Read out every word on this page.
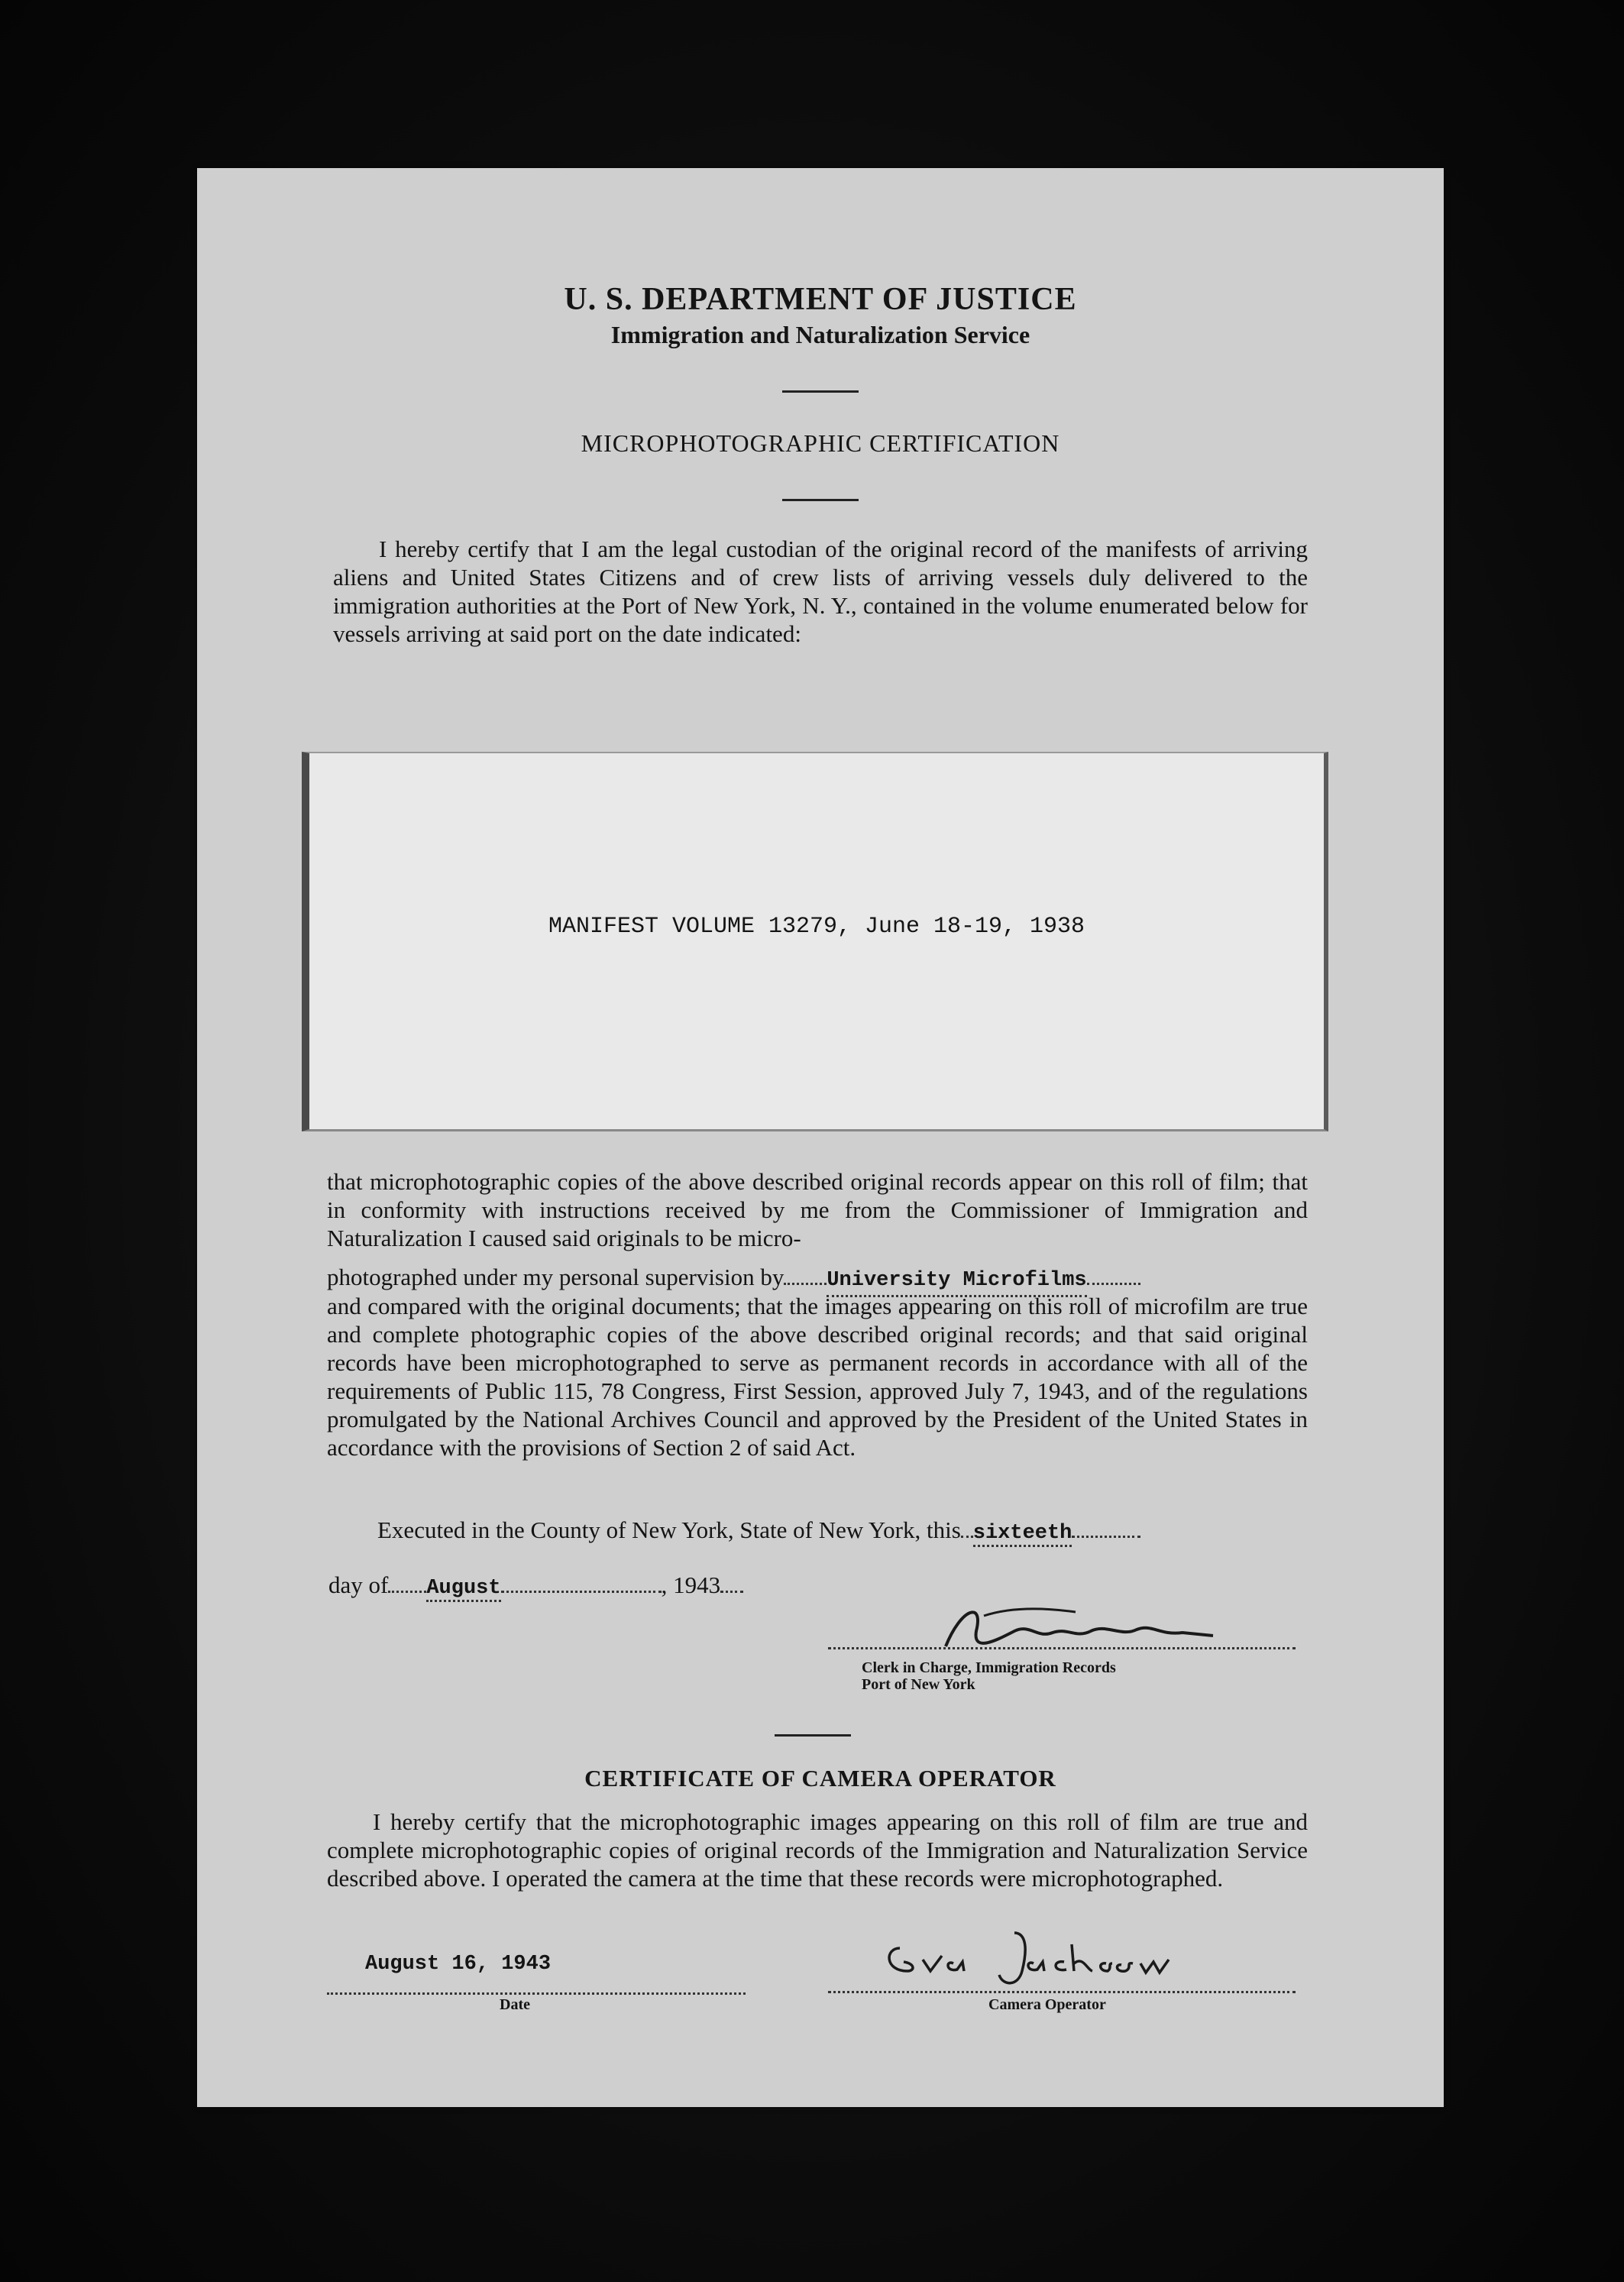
U. S. DEPARTMENT OF JUSTICE
Immigration and Naturalization Service
MICROPHOTOGRAPHIC CERTIFICATION
I hereby certify that I am the legal custodian of the original record of the manifests of arriving aliens and United States Citizens and of crew lists of arriving vessels duly delivered to the immigration authorities at the Port of New York, N. Y., contained in the volume enumerated below for vessels arriving at said port on the date indicated:
MANIFEST VOLUME 13279, June 18-19, 1938
that microphotographic copies of the above described original records appear on this roll of film; that in conformity with instructions received by me from the Commissioner of Immigration and Naturalization I caused said originals to be micro-
photographed under my personal supervision by University Microfilms
and compared with the original documents; that the images appearing on this roll of microfilm are true and complete photographic copies of the above described original records; and that said original records have been microphotographed to serve as permanent records in accordance with all of the requirements of Public 115, 78 Congress, First Session, approved July 7, 1943, and of the regulations promulgated by the National Archives Council and approved by the President of the United States in accordance with the provisions of Section 2 of said Act.
Executed in the County of New York, State of New York, this sixteeth
day of August	, 1943
Clerk in Charge, Immigration Records
Port of New York
CERTIFICATE OF CAMERA OPERATOR
I hereby certify that the microphotographic images appearing on this roll of film are true and complete microphotographic copies of original records of the Immigration and Naturalization Service described above. I operated the camera at the time that these records were microphotographed.
August 16, 1943
Date	Camera Operator
